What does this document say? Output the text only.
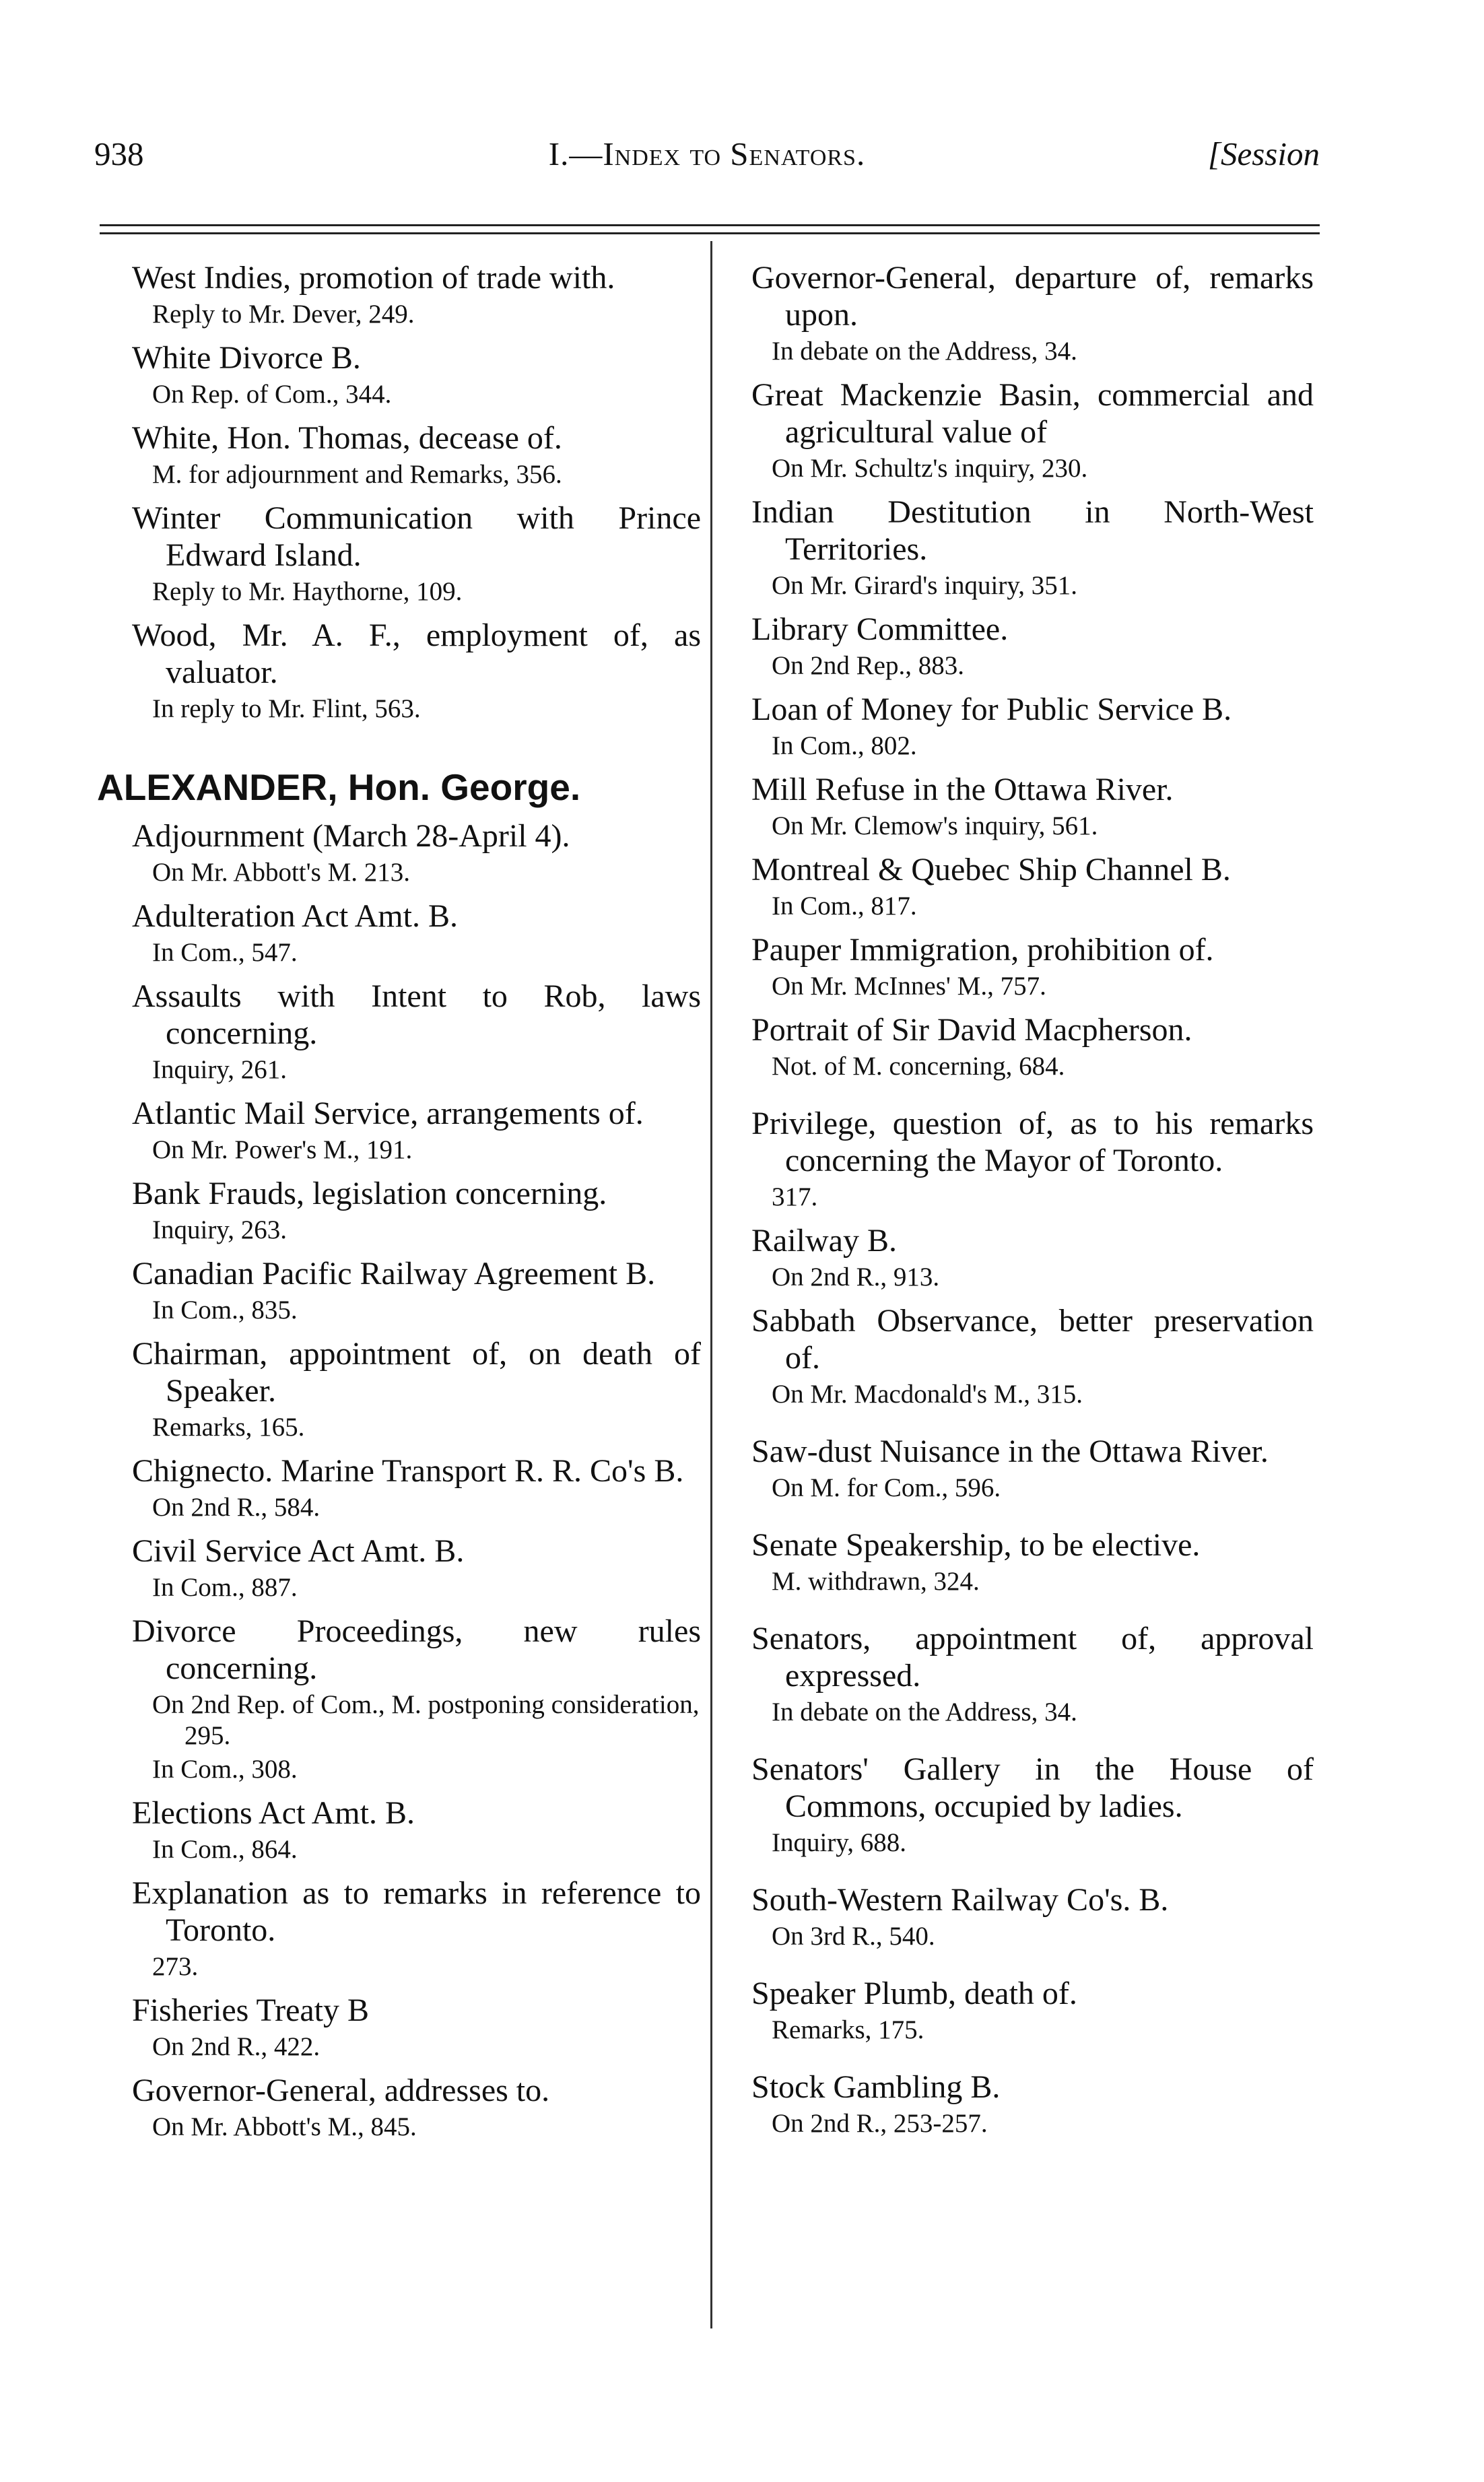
938	I.—Index to Senators.	[Session
West Indies, promotion of trade with.
Reply to Mr. Dever, 249.
White Divorce B.
On Rep. of Com., 344.
White, Hon. Thomas, decease of.
M. for adjournment and Remarks, 356.
Winter Communication with Prince Edward Island.
Reply to Mr. Haythorne, 109.
Wood, Mr. A. F., employment of, as valuator.
In reply to Mr. Flint, 563.
ALEXANDER, Hon. George.
Adjournment (March 28-April 4).
On Mr. Abbott's M. 213.
Adulteration Act Amt. B.
In Com., 547.
Assaults with Intent to Rob, laws concerning.
Inquiry, 261.
Atlantic Mail Service, arrangements of.
On Mr. Power's M., 191.
Bank Frauds, legislation concerning.
Inquiry, 263.
Canadian Pacific Railway Agreement B.
In Com., 835.
Chairman, appointment of, on death of Speaker.
Remarks, 165.
Chignecto. Marine Transport R. R. Co's B.
On 2nd R., 584.
Civil Service Act Amt. B.
In Com., 887.
Divorce Proceedings, new rules concerning.
On 2nd Rep. of Com., M. postponing consideration, 295.
In Com., 308.
Elections Act Amt. B.
In Com., 864.
Explanation as to remarks in reference to Toronto.
273.
Fisheries Treaty B
On 2nd R., 422.
Governor-General, addresses to.
On Mr. Abbott's M., 845.
Governor-General, departure of, remarks upon.
In debate on the Address, 34.
Great Mackenzie Basin, commercial and agricultural value of
On Mr. Schultz's inquiry, 230.
Indian Destitution in North-West Territories.
On Mr. Girard's inquiry, 351.
Library Committee.
On 2nd Rep., 883.
Loan of Money for Public Service B.
In Com., 802.
Mill Refuse in the Ottawa River.
On Mr. Clemow's inquiry, 561.
Montreal & Quebec Ship Channel B.
In Com., 817.
Pauper Immigration, prohibition of.
On Mr. McInnes' M., 757.
Portrait of Sir David Macpherson.
Not. of M. concerning, 684.
Privilege, question of, as to his remarks concerning the Mayor of Toronto.
317.
Railway B.
On 2nd R., 913.
Sabbath Observance, better preservation of.
On Mr. Macdonald's M., 315.
Saw-dust Nuisance in the Ottawa River.
On M. for Com., 596.
Senate Speakership, to be elective.
M. withdrawn, 324.
Senators, appointment of, approval expressed.
In debate on the Address, 34.
Senators' Gallery in the House of Commons, occupied by ladies.
Inquiry, 688.
South-Western Railway Co's. B.
On 3rd R., 540.
Speaker Plumb, death of.
Remarks, 175.
Stock Gambling B.
On 2nd R., 253-257.
